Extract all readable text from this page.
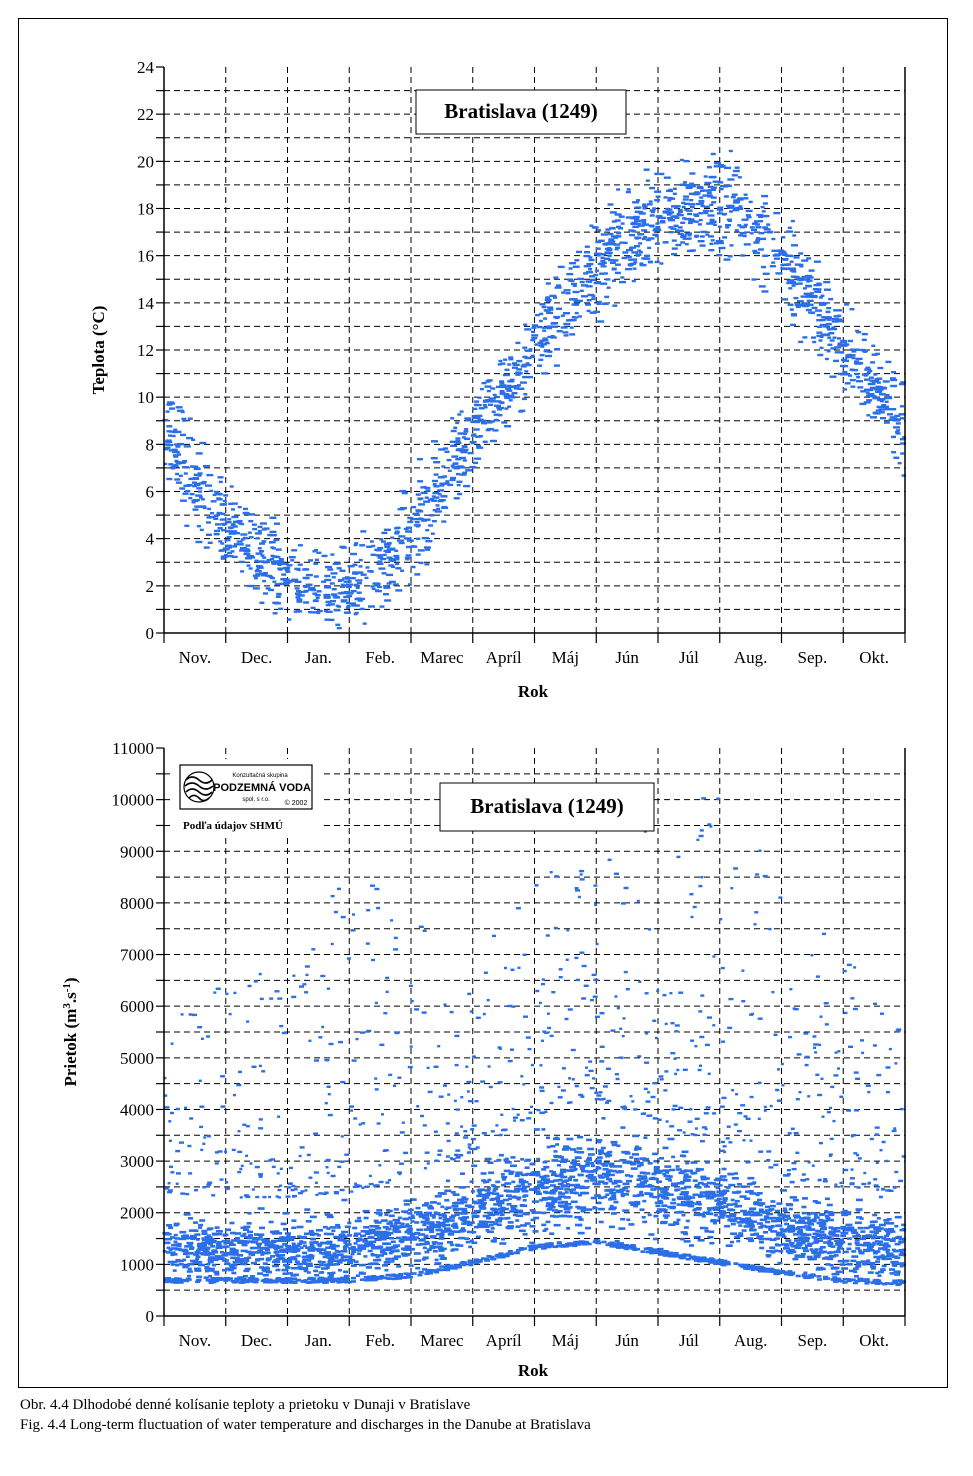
0
2
4
6
8
10
12
14
16
18
20
22
24
Nov. Dec. Jan. Feb. Marec Apríl Máj Jún Júl Aug. Sep. Okt.
Bratislava (1249)
Rok
Teplota (°C)
0
1000
2000
3000
4000
5000
6000
7000
8000
9000
10000
11000
Nov. Dec. Jan. Feb. Marec Apríl Máj Jún Júl Aug. Sep. Okt.
Bratislava (1249)
Konzultačná skupina
PODZEMNÁ VODA
spol. s r.o. © 2002
Podľa údajov SHMÚ
Rok
Prietok $(m^3.s^{-1})$
Obr. 4.4 Dlhodobé denné kolísanie teploty a prietoku v Dunaji v Bratislave
Fig. 4.4 Long-term fluctuation of water temperature and discharges in the Danube at Bratislava
